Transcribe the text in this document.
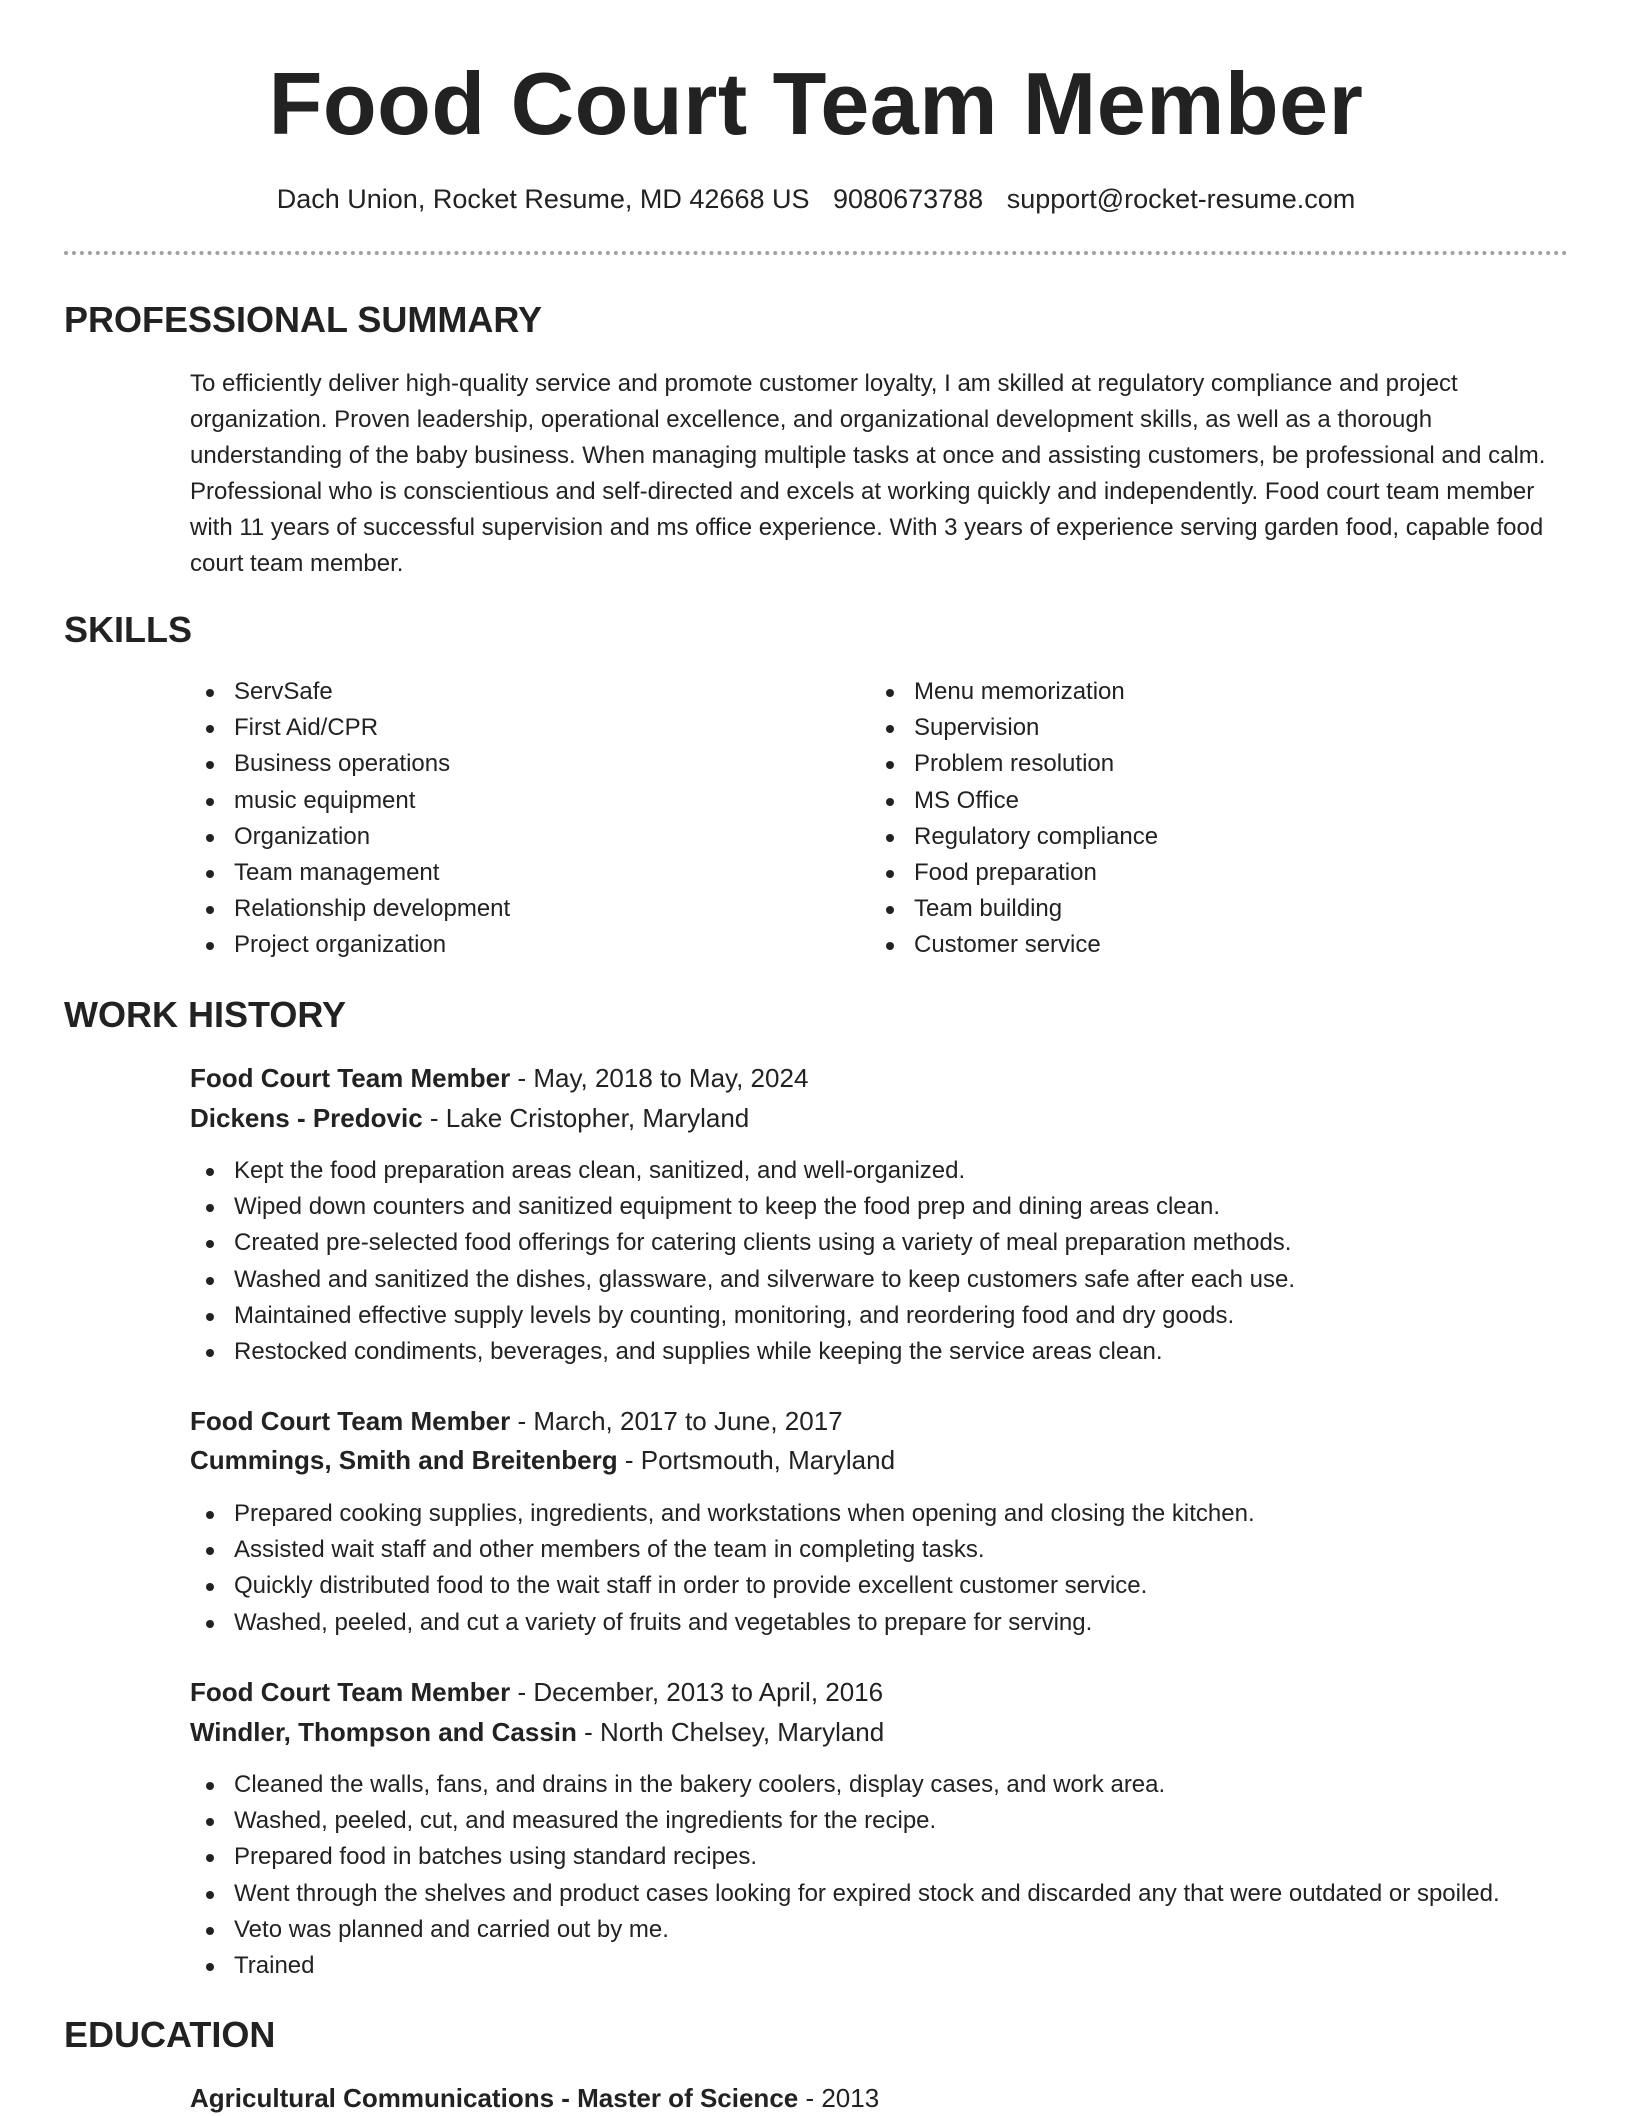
Food Court Team Member
Dach Union, Rocket Resume, MD 42668 US 9080673788 support@rocket-resume.com
PROFESSIONAL SUMMARY

To efficiently deliver high-quality service and promote customer loyalty, I am skilled at regulatory compliance and project organization. Proven leadership, operational excellence, and organizational development skills, as well as a thorough understanding of the baby business. When managing multiple tasks at once and assisting customers, be professional and calm. Professional who is conscientious and self-directed and excels at working quickly and independently. Food court team member with 11 years of successful supervision and ms office experience. With 3 years of experience serving garden food, capable food court team member.

SKILLS
ServSafe
First Aid/CPR
Business operations
music equipment
Organization
Team management
Relationship development
Project organization
Menu memorization
Supervision
Problem resolution
MS Office
Regulatory compliance
Food preparation
Team building
Customer service
WORK HISTORY
Food Court Team Member - May, 2018 to May, 2024
Dickens - Predovic - Lake Cristopher, Maryland
Kept the food preparation areas clean, sanitized, and well-organized.
Wiped down counters and sanitized equipment to keep the food prep and dining areas clean.
Created pre-selected food offerings for catering clients using a variety of meal preparation methods.
Washed and sanitized the dishes, glassware, and silverware to keep customers safe after each use.
Maintained effective supply levels by counting, monitoring, and reordering food and dry goods.
Restocked condiments, beverages, and supplies while keeping the service areas clean.
Food Court Team Member - March, 2017 to June, 2017
Cummings, Smith and Breitenberg - Portsmouth, Maryland
Prepared cooking supplies, ingredients, and workstations when opening and closing the kitchen.
Assisted wait staff and other members of the team in completing tasks.
Quickly distributed food to the wait staff in order to provide excellent customer service.
Washed, peeled, and cut a variety of fruits and vegetables to prepare for serving.
Food Court Team Member - December, 2013 to April, 2016
Windler, Thompson and Cassin - North Chelsey, Maryland
Cleaned the walls, fans, and drains in the bakery coolers, display cases, and work area.
Washed, peeled, cut, and measured the ingredients for the recipe.
Prepared food in batches using standard recipes.
Went through the shelves and product cases looking for expired stock and discarded any that were outdated or spoiled.
Veto was planned and carried out by me.
Trained
EDUCATION
Agricultural Communications - Master of Science - 2013
